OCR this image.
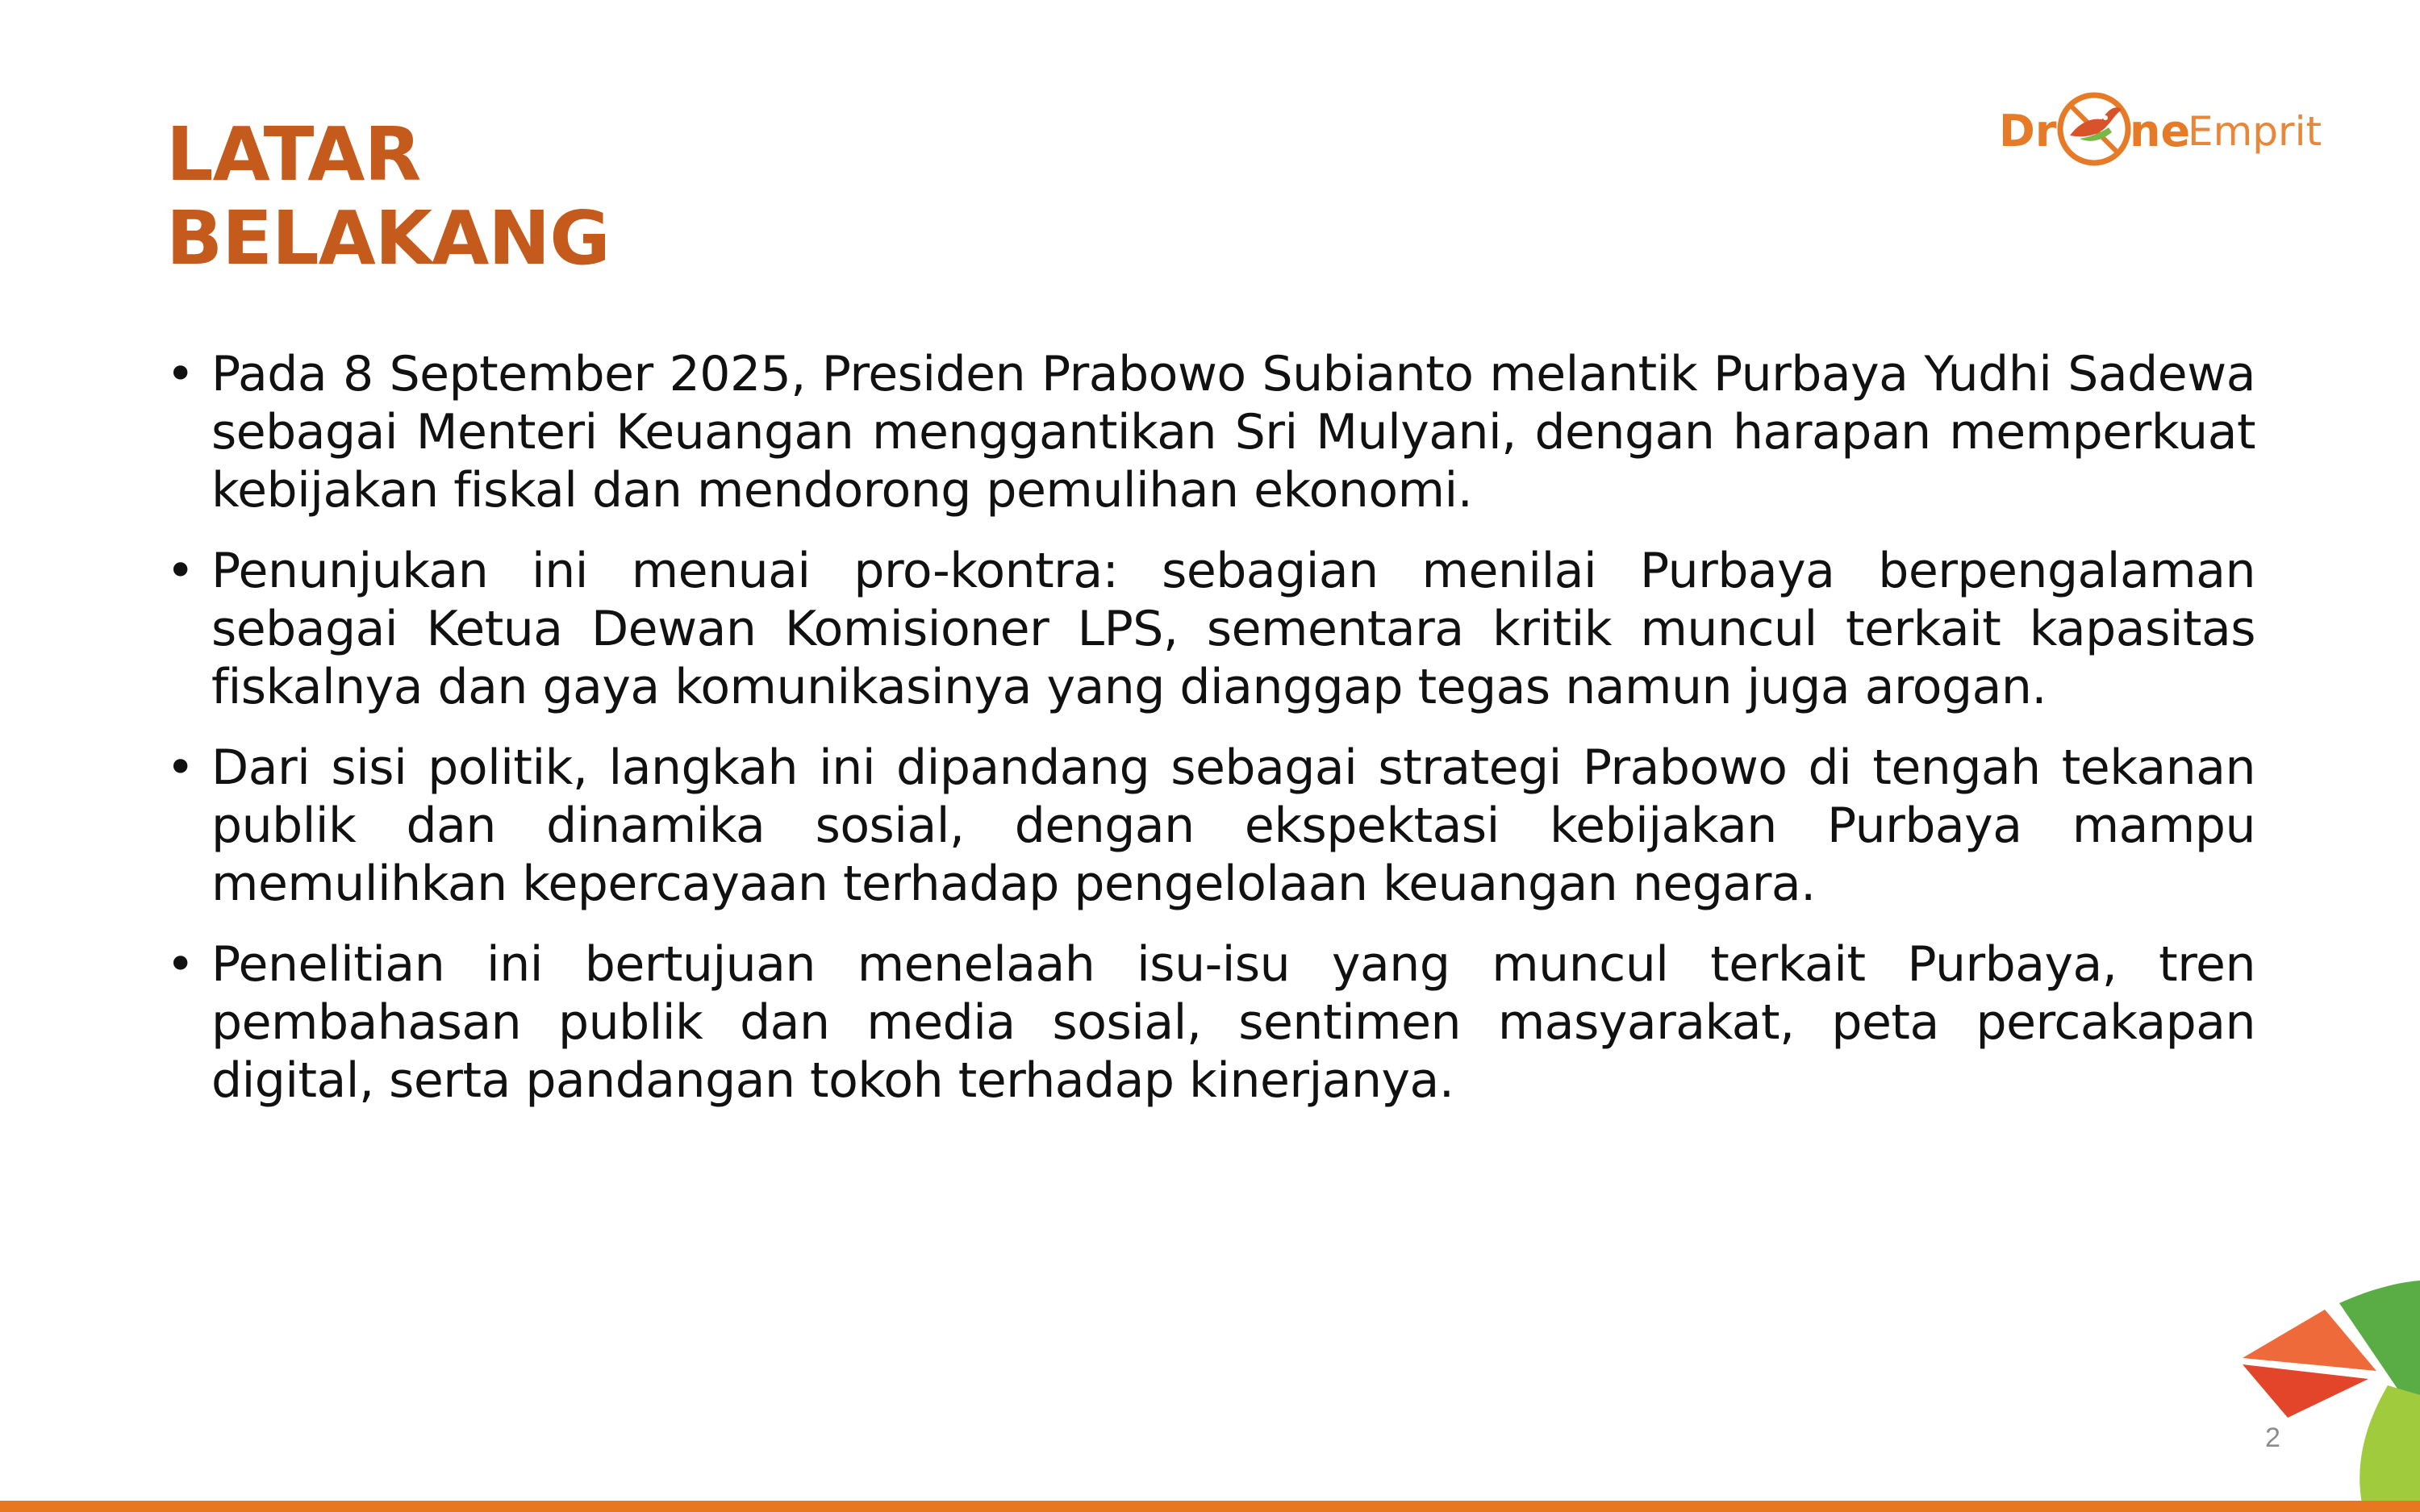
LATAR
BELAKANG
Dr ne
Emprit
• Pada 8 September 2025, Presiden Prabowo Subianto melantik Purbaya Yudhi Sadewa sebagai Menteri Keuangan menggantikan Sri Mulyani, dengan harapan memperkuat kebijakan fiskal dan mendorong pemulihan ekonomi.
• Penunjukan ini menuai pro-kontra: sebagian menilai Purbaya berpengalaman sebagai Ketua Dewan Komisioner LPS, sementara kritik muncul terkait kapasitas fiskalnya dan gaya komunikasinya yang dianggap tegas namun juga arogan.
• Dari sisi politik, langkah ini dipandang sebagai strategi Prabowo di tengah tekanan publik dan dinamika sosial, dengan ekspektasi kebijakan Purbaya mampu memulihkan kepercayaan terhadap pengelolaan keuangan negara.
• Penelitian ini bertujuan menelaah isu-isu yang muncul terkait Purbaya, tren pembahasan publik dan media sosial, sentimen masyarakat, peta percakapan digital, serta pandangan tokoh terhadap kinerjanya.
2
